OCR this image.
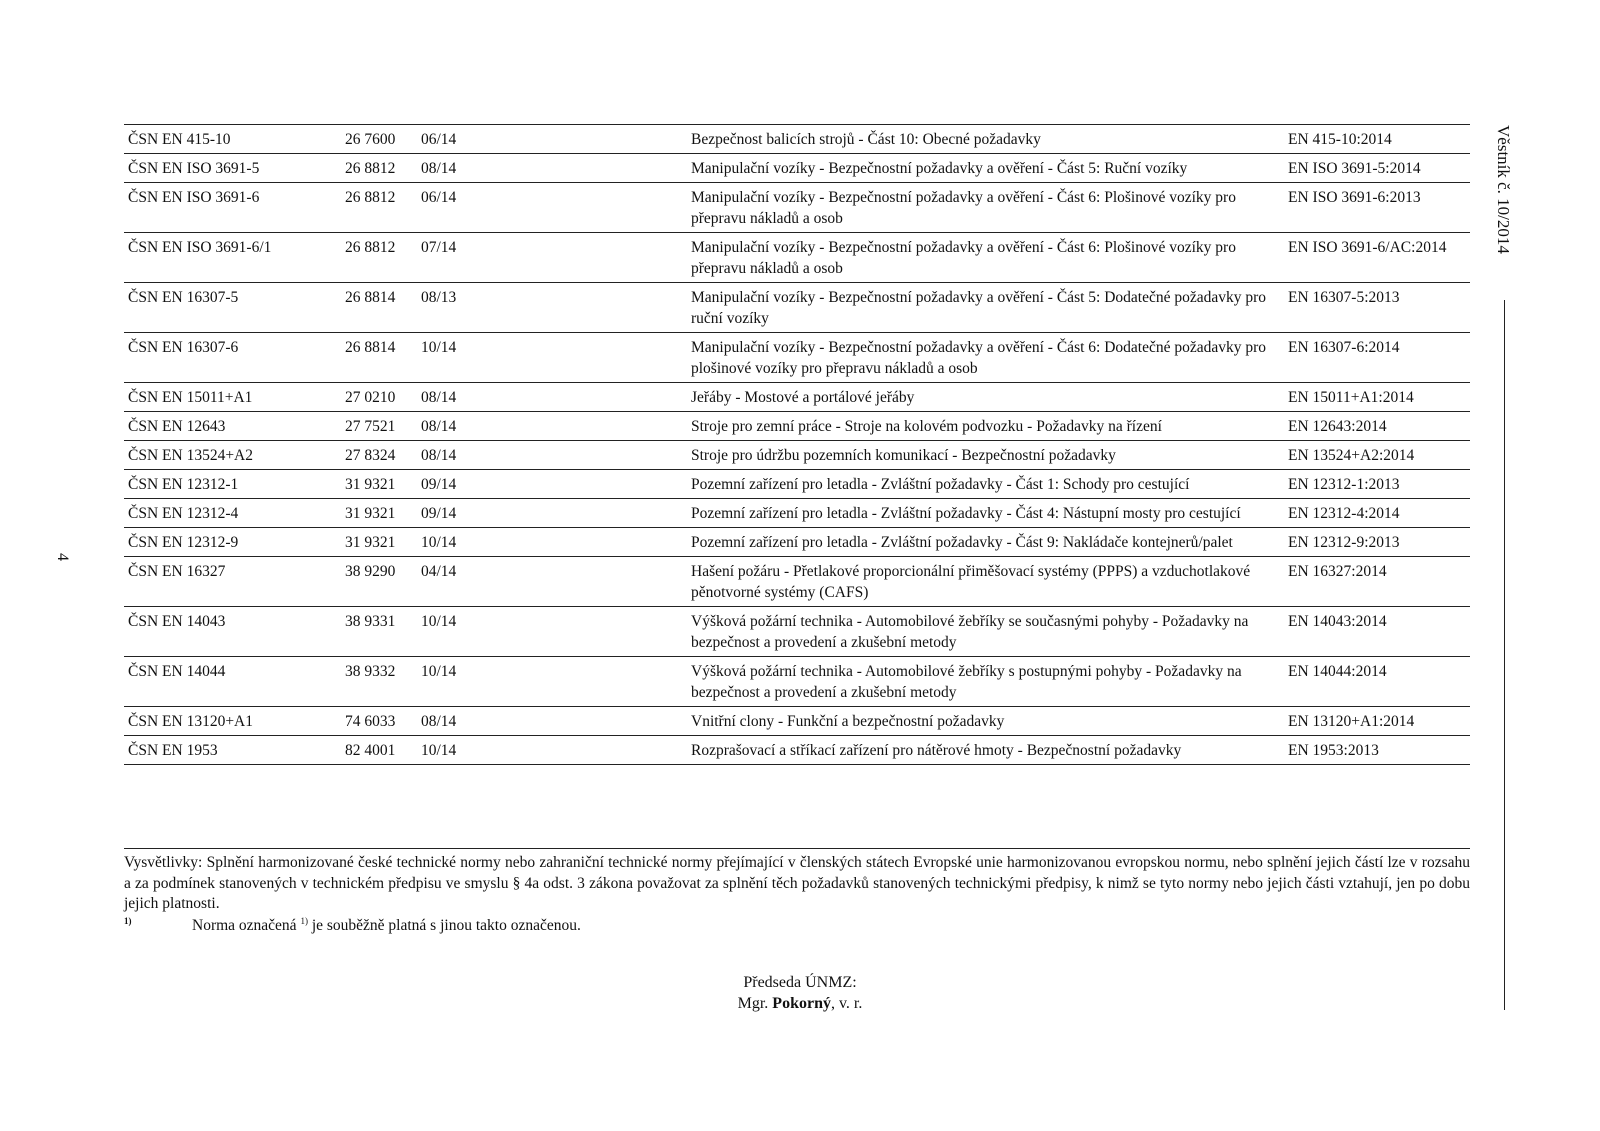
ČSN EN 415-10	26 7600	06/14	Bezpečnost balicích strojů - Část 10: Obecné požadavky	EN 415-10:2014
ČSN EN ISO 3691-5	26 8812	08/14	Manipulační vozíky - Bezpečnostní požadavky a ověření - Část 5: Ruční vozíky	EN ISO 3691-5:2014
ČSN EN ISO 3691-6	26 8812	06/14	Manipulační vozíky - Bezpečnostní požadavky a ověření - Část 6: Plošinové vozíky pro přepravu nákladů a osob	EN ISO 3691-6:2013
ČSN EN ISO 3691-6/1	26 8812	07/14	Manipulační vozíky - Bezpečnostní požadavky a ověření - Část 6: Plošinové vozíky pro přepravu nákladů a osob	EN ISO 3691-6/AC:2014
ČSN EN 16307-5	26 8814	08/13	Manipulační vozíky - Bezpečnostní požadavky a ověření - Část 5: Dodatečné požadavky pro ruční vozíky	EN 16307-5:2013
ČSN EN 16307-6	26 8814	10/14	Manipulační vozíky - Bezpečnostní požadavky a ověření - Část 6: Dodatečné požadavky pro plošinové vozíky pro přepravu nákladů a osob	EN 16307-6:2014
ČSN EN 15011+A1	27 0210	08/14	Jeřáby - Mostové a portálové jeřáby	EN 15011+A1:2014
ČSN EN 12643	27 7521	08/14	Stroje pro zemní práce - Stroje na kolovém podvozku - Požadavky na řízení	EN 12643:2014
ČSN EN 13524+A2	27 8324	08/14	Stroje pro údržbu pozemních komunikací - Bezpečnostní požadavky	EN 13524+A2:2014
ČSN EN 12312-1	31 9321	09/14	Pozemní zařízení pro letadla - Zvláštní požadavky - Část 1: Schody pro cestující	EN 12312-1:2013
ČSN EN 12312-4	31 9321	09/14	Pozemní zařízení pro letadla - Zvláštní požadavky - Část 4: Nástupní mosty pro cestující	EN 12312-4:2014
ČSN EN 12312-9	31 9321	10/14	Pozemní zařízení pro letadla - Zvláštní požadavky - Část 9: Nakládače kontejnerů/palet	EN 12312-9:2013
ČSN EN 16327	38 9290	04/14	Hašení požáru - Přetlakové proporcionální přiměšovací systémy (PPPS) a vzduchotlakové pěnotvorné systémy (CAFS)	EN 16327:2014
ČSN EN 14043	38 9331	10/14	Výšková požární technika - Automobilové žebříky se současnými pohyby - Požadavky na bezpečnost a provedení a zkušební metody	EN 14043:2014
ČSN EN 14044	38 9332	10/14	Výšková požární technika - Automobilové žebříky s postupnými pohyby - Požadavky na bezpečnost a provedení a zkušební metody	EN 14044:2014
ČSN EN 13120+A1	74 6033	08/14	Vnitřní clony - Funkční a bezpečnostní požadavky	EN 13120+A1:2014
ČSN EN 1953	82 4001	10/14	Rozprašovací a stříkací zařízení pro nátěrové hmoty - Bezpečnostní požadavky	EN 1953:2013
Vysvětlivky: Splnění harmonizované české technické normy nebo zahraniční technické normy přejímající v členských státech Evropské unie harmonizovanou evropskou normu, nebo splnění jejich částí lze v rozsahu a za podmínek stanovených v technickém předpisu ve smyslu § 4a odst. 3 zákona považovat za splnění těch požadavků stanovených technickými předpisy, k nimž se tyto normy nebo jejich části vztahují, jen po dobu jejich platnosti.
$^{1)}$	Norma označená $^{1)}$ je souběžně platná s jinou takto označenou.
Předseda ÚNMZ:
Mgr. Pokorný, v. r.
Věstník č. 10/2014
4
